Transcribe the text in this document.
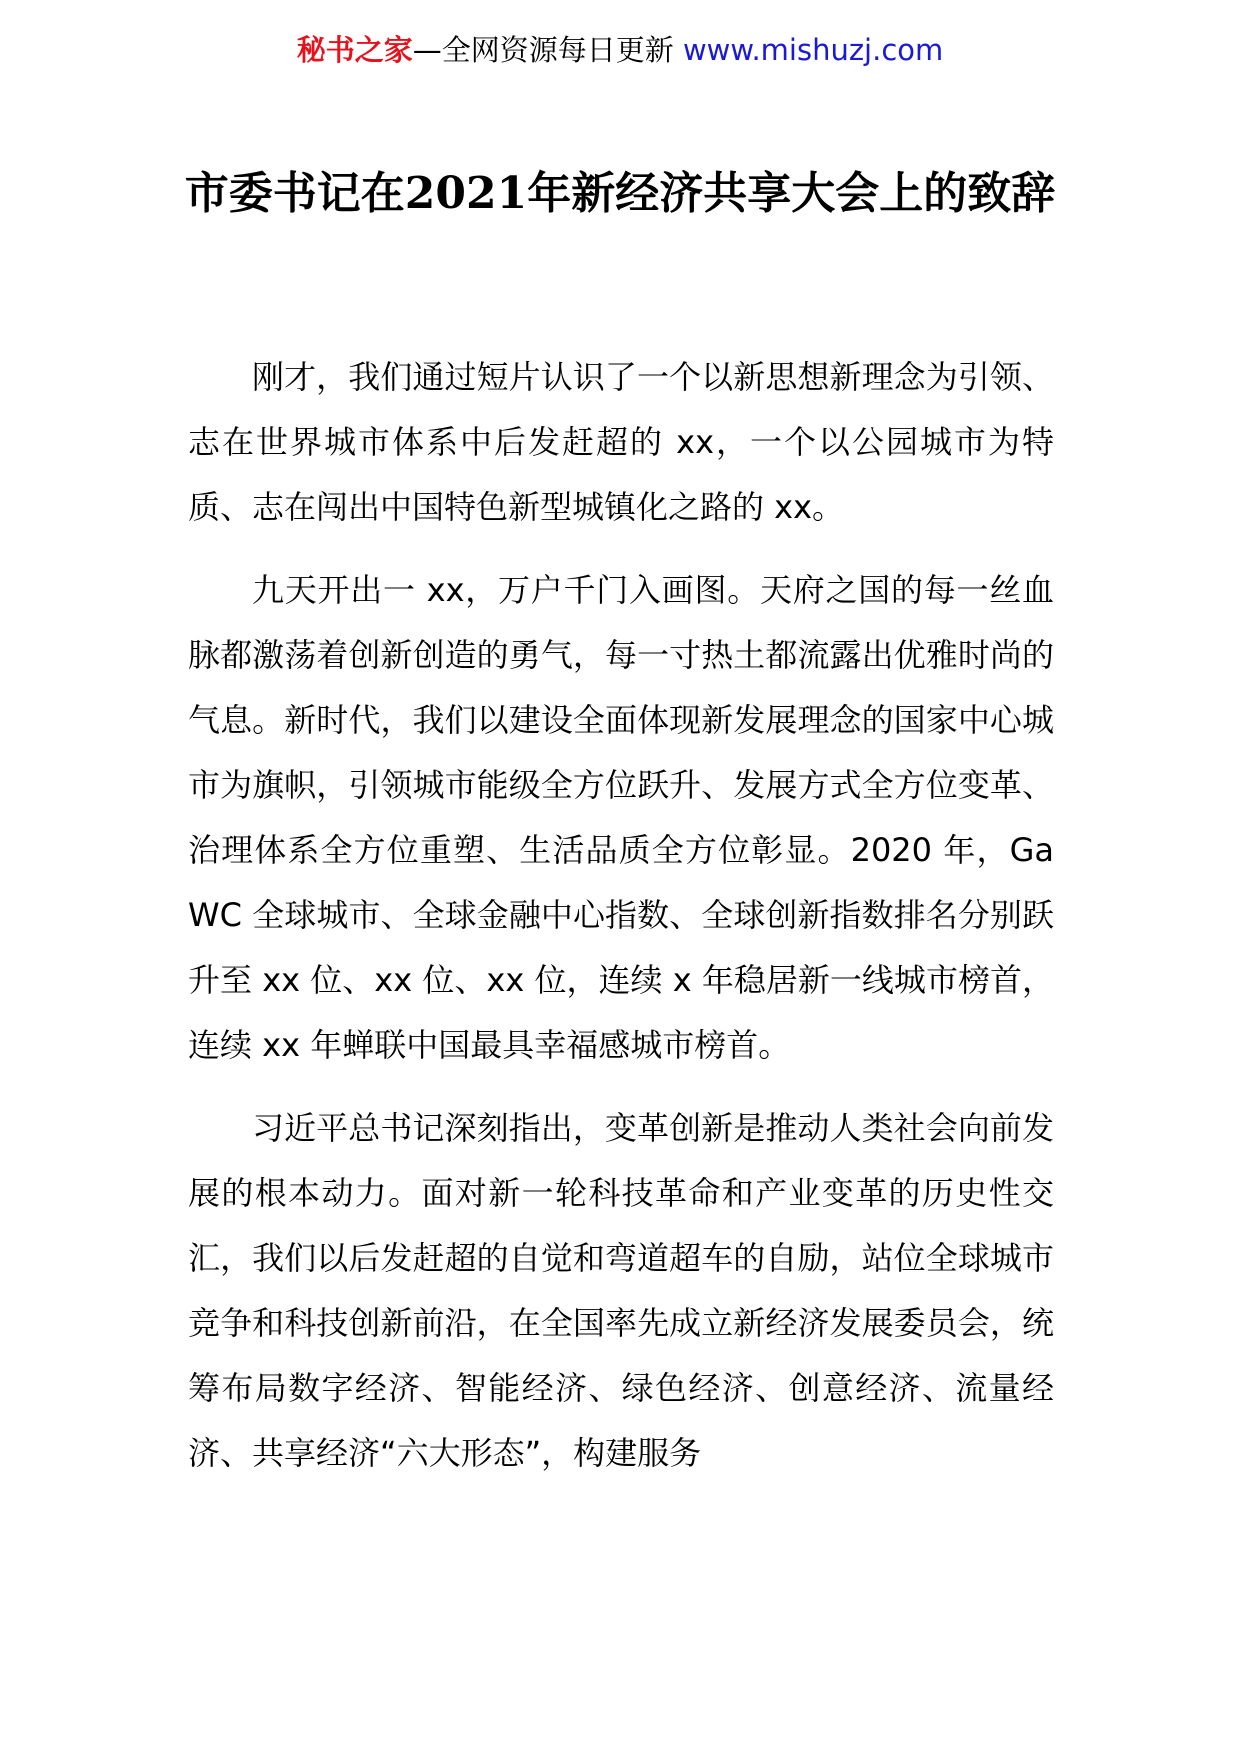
秘书之家—全网资源每日更新 www.mishuzj.com
市委书记在2021年新经济共享大会上的致辞

刚才，我们通过短片认识了一个以新思想新理念为引领、志在世界城市体系中后发赶超的 xx，一个以公园城市为特质、志在闯出中国特色新型城镇化之路的 xx。

九天开出一 xx，万户千门入画图。天府之国的每一丝血脉都激荡着创新创造的勇气，每一寸热土都流露出优雅时尚的气息。新时代，我们以建设全面体现新发展理念的国家中心城市为旗帜，引领城市能级全方位跃升、发展方式全方位变革、治理体系全方位重塑、生活品质全方位彰显。2020 年，GaWC 全球城市、全球金融中心指数、全球创新指数排名分别跃升至 xx 位、xx 位、xx 位，连续 x 年稳居新一线城市榜首，连续 xx 年蝉联中国最具幸福感城市榜首。

习近平总书记深刻指出，变革创新是推动人类社会向前发展的根本动力。面对新一轮科技革命和产业变革的历史性交汇，我们以后发赶超的自觉和弯道超车的自励，站位全球城市竞争和科技创新前沿，在全国率先成立新经济发展委员会，统筹布局数字经济、智能经济、绿色经济、创意经济、流量经济、共享经济“六大形态”，构建服务
